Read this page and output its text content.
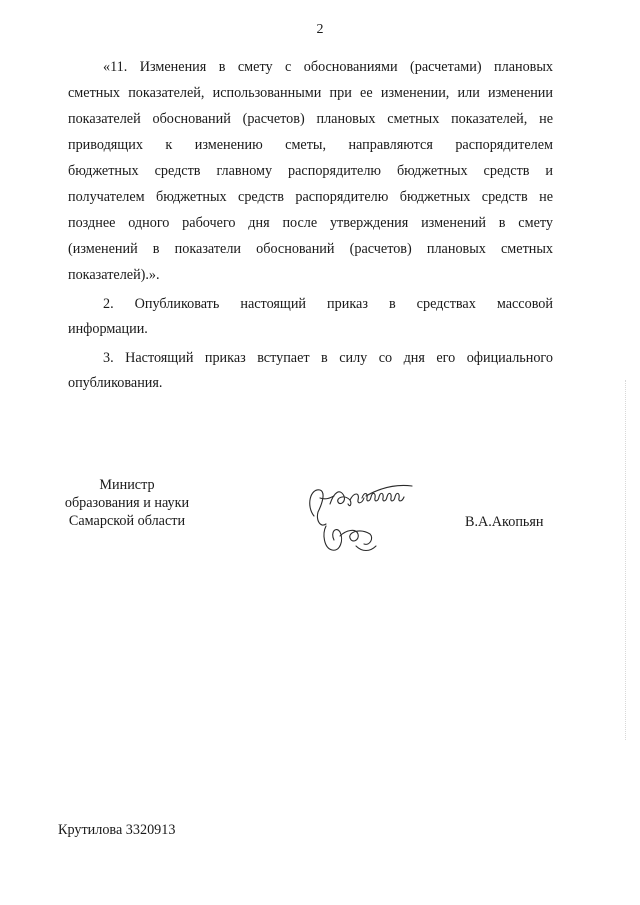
2
«11. Изменения в смету с обоснованиями (расчетами) плановых
сметных показателей, использованными при ее изменении, или изменении
показателей обоснований (расчетов) плановых сметных показателей, не
приводящих к изменению сметы, направляются распорядителем
бюджетных средств главному распорядителю бюджетных средств и
получателем бюджетных средств распорядителю бюджетных средств не
позднее одного рабочего дня после утверждения изменений в смету
(изменений в показатели обоснований (расчетов) плановых сметных
показателей).».
2. Опубликовать настоящий приказ в средствах массовой
информации.
3. Настоящий приказ вступает в силу со дня его официального
опубликования.
Министр
образования и науки
Самарской области	В.А.Акопьян
Крутилова 3320913
